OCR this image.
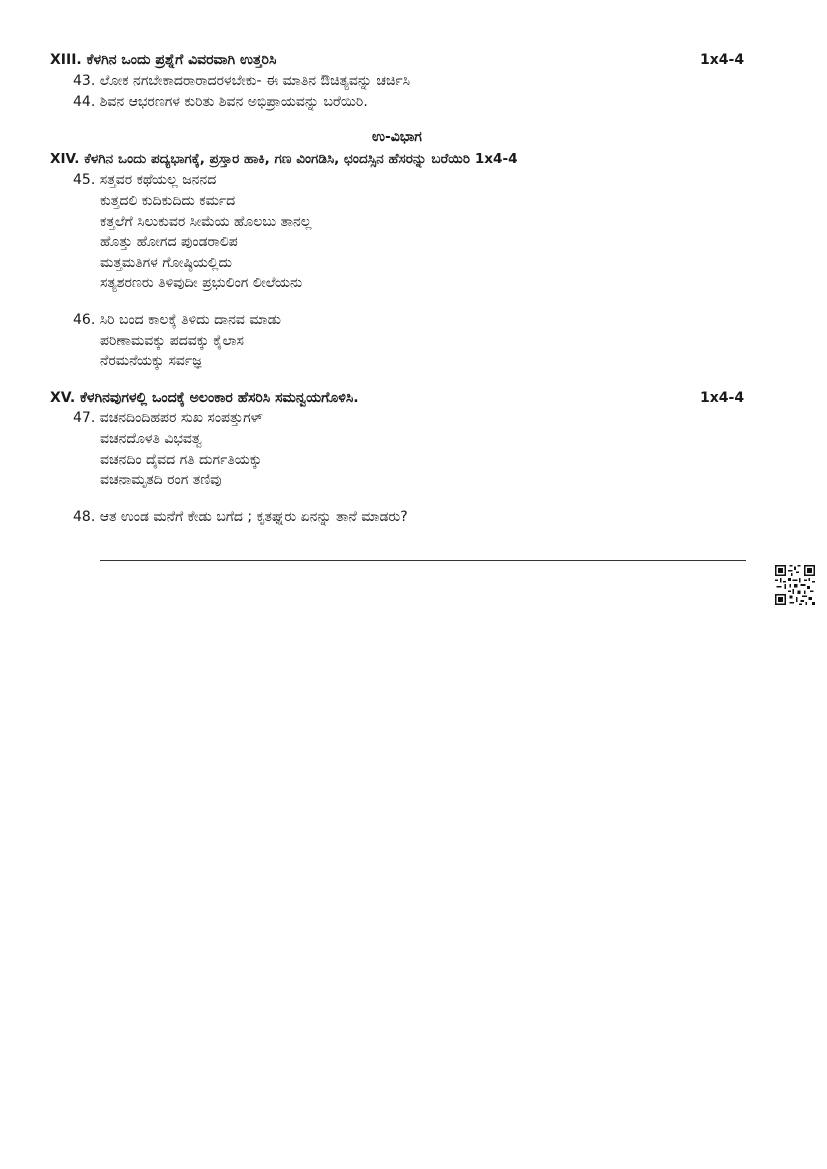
XIII. ಕೆಳಗಿನ ಒಂದು ಪ್ರಶ್ನೆಗೆ ವಿವರವಾಗಿ ಉತ್ತರಿಸಿ	1x4-4
43. ಲೋಕ ನಗಬೇಕಾದರಾರಾದರಳಬೇಕು- ಈ ಮಾತಿನ ಔಚಿತ್ಯವನ್ನು ಚರ್ಚಿಸಿ
44. ಶಿವನ ಆಭರಣಗಳ ಕುರಿತು ಶಿವನ ಅಭಿಪ್ರಾಯವನ್ನು ಬರೆಯಿರಿ.
ಉ-ವಿಭಾಗ
XIV. ಕೆಳಗಿನ ಒಂದು ಪದ್ಯಭಾಗಕ್ಕೆ, ಪ್ರಸ್ತಾರ ಹಾಕಿ, ಗಣ ವಿಂಗಡಿಸಿ, ಛಂದಸ್ಸಿನ ಹೆಸರನ್ನು ಬರೆಯಿರಿ 1x4-4
45. ಸತ್ತವರ ಕಥೆಯಲ್ಲ ಜನನದ
ಕುತ್ತದಲಿ ಕುದಿಕುದಿದು ಕರ್ಮದ
ಕತ್ತಲೆಗೆ ಸಿಲುಕುವರ ಸೀಮೆಯ ಹೊಲಬು ತಾನಲ್ಲ
ಹೊತ್ತು ಹೋಗದ ಪುಂಡರಾಲಿಪ
ಮತ್ತಮತಿಗಳ ಗೋಷ್ಠಿಯಲ್ಲಿದು
ಸತ್ಯಶರಣರು ತಿಳಿವುದೀ ಪ್ರಭುಲಿಂಗ ಲೀಲೆಯನು
46. ಸಿರಿ ಬಂದ ಕಾಲಕ್ಕೆ ತಿಳಿದು ದಾನವ ಮಾಡು
ಪರಿಣಾಮವಕ್ಕು ಪದವಕ್ಕು ಕೈಲಾಸ
ನೆರಮನೆಯಕ್ಕು ಸರ್ವಜ್ಞ
XV. ಕೆಳಗಿನವುಗಳಲ್ಲಿ ಒಂದಕ್ಕೆ ಅಲಂಕಾರ ಹೆಸರಿಸಿ ಸಮನ್ವಯಗೊಳಿಸಿ.	1x4-4
47. ವಚನದಿಂದಿಹಪರ ಸುಖ ಸಂಪತ್ತುಗಳ್
ವಚನದೊಳತಿ ವಿಭವತ್ವ
ವಚನದಿಂ ದೈವದ ಗತಿ ದುರ್ಗತಿಯಕ್ಕು
ವಚನಾಮೃತದಿ ರಂಗ ತಣಿವು
48. ಆತ ಉಂಡ ಮನೆಗೆ ಕೇಡು ಬಗೆದ ; ಕೃತಘ್ನರು ಏನನ್ನು ತಾನೆ ಮಾಡರು?
